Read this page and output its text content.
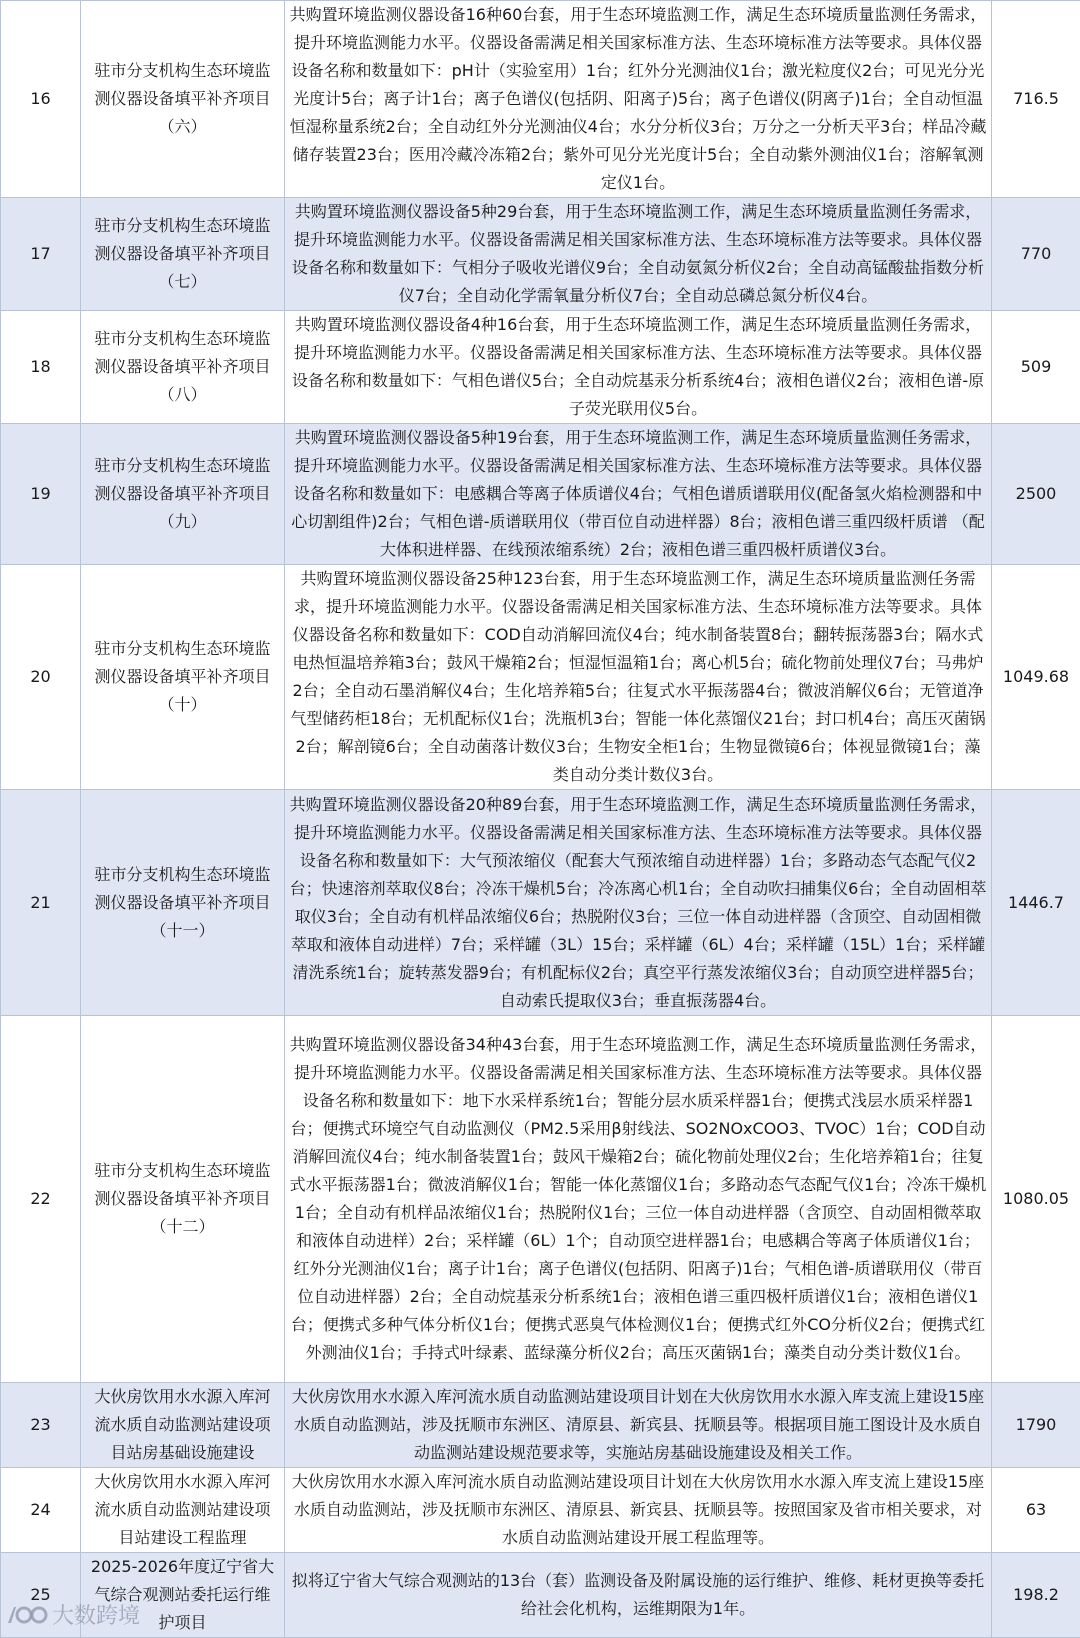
16	驻市分支机构生态环境监测仪器设备填平补齐项目（六）	共购置环境监测仪器设备16种60台套，用于生态环境监测工作，满足生态环境质量监测任务需求，提升环境监测能力水平。仪器设备需满足相关国家标准方法、生态环境标准方法等要求。具体仪器设备名称和数量如下：pH计（实验室用）1台；红外分光测油仪1台；激光粒度仪2台；可见光分光光度计5台；离子计1台；离子色谱仪(包括阴、阳离子)5台；离子色谱仪(阴离子)1台；全自动恒温恒湿称量系统2台；全自动红外分光测油仪4台；水分分析仪3台；万分之一分析天平3台；样品冷藏储存装置23台；医用冷藏冷冻箱2台；紫外可见分光光度计5台；全自动紫外测油仪1台；溶解氧测定仪1台。	716.5
17	驻市分支机构生态环境监测仪器设备填平补齐项目（七）	共购置环境监测仪器设备5种29台套，用于生态环境监测工作，满足生态环境质量监测任务需求，提升环境监测能力水平。仪器设备需满足相关国家标准方法、生态环境标准方法等要求。具体仪器设备名称和数量如下：气相分子吸收光谱仪9台；全自动氨氮分析仪2台；全自动高锰酸盐指数分析仪7台；全自动化学需氧量分析仪7台；全自动总磷总氮分析仪4台。	770
18	驻市分支机构生态环境监测仪器设备填平补齐项目（八）	共购置环境监测仪器设备4种16台套，用于生态环境监测工作，满足生态环境质量监测任务需求，提升环境监测能力水平。仪器设备需满足相关国家标准方法、生态环境标准方法等要求。具体仪器设备名称和数量如下：气相色谱仪5台；全自动烷基汞分析系统4台；液相色谱仪2台；液相色谱-原子荧光联用仪5台。	509
19	驻市分支机构生态环境监测仪器设备填平补齐项目（九）	共购置环境监测仪器设备5种19台套，用于生态环境监测工作，满足生态环境质量监测任务需求，提升环境监测能力水平。仪器设备需满足相关国家标准方法、生态环境标准方法等要求。具体仪器设备名称和数量如下：电感耦合等离子体质谱仪4台；气相色谱质谱联用仪(配备氢火焰检测器和中心切割组件)2台；气相色谱-质谱联用仪（带百位自动进样器）8台；液相色谱三重四级杆质谱 （配大体积进样器、在线预浓缩系统）2台；液相色谱三重四极杆质谱仪3台。	2500
20	驻市分支机构生态环境监测仪器设备填平补齐项目（十）	共购置环境监测仪器设备25种123台套，用于生态环境监测工作，满足生态环境质量监测任务需求，提升环境监测能力水平。仪器设备需满足相关国家标准方法、生态环境标准方法等要求。具体仪器设备名称和数量如下：COD自动消解回流仪4台；纯水制备装置8台；翻转振荡器3台；隔水式电热恒温培养箱3台；鼓风干燥箱2台；恒湿恒温箱1台；离心机5台；硫化物前处理仪7台；马弗炉2台；全自动石墨消解仪4台；生化培养箱5台；往复式水平振荡器4台；微波消解仪6台；无管道净气型储药柜18台；无机配标仪1台；洗瓶机3台；智能一体化蒸馏仪21台；封口机4台；高压灭菌锅2台；解剖镜6台；全自动菌落计数仪3台；生物安全柜1台；生物显微镜6台；体视显微镜1台；藻类自动分类计数仪3台。	1049.68
21	驻市分支机构生态环境监测仪器设备填平补齐项目（十一）	共购置环境监测仪器设备20种89台套，用于生态环境监测工作，满足生态环境质量监测任务需求，提升环境监测能力水平。仪器设备需满足相关国家标准方法、生态环境标准方法等要求。具体仪器设备名称和数量如下：大气预浓缩仪（配套大气预浓缩自动进样器）1台；多路动态气态配气仪2台；快速溶剂萃取仪8台；冷冻干燥机5台；冷冻离心机1台；全自动吹扫捕集仪6台；全自动固相萃取仪3台；全自动有机样品浓缩仪6台；热脱附仪3台；三位一体自动进样器（含顶空、自动固相微萃取和液体自动进样）7台；采样罐（3L）15台；采样罐（6L）4台；采样罐（15L）1台；采样罐清洗系统1台；旋转蒸发器9台；有机配标仪2台；真空平行蒸发浓缩仪3台；自动顶空进样器5台；自动索氏提取仪3台；垂直振荡器4台。	1446.7
22	驻市分支机构生态环境监测仪器设备填平补齐项目（十二）	共购置环境监测仪器设备34种43台套，用于生态环境监测工作，满足生态环境质量监测任务需求，提升环境监测能力水平。仪器设备需满足相关国家标准方法、生态环境标准方法等要求。具体仪器设备名称和数量如下：地下水采样系统1台；智能分层水质采样器1台；便携式浅层水质采样器1台；便携式环境空气自动监测仪（PM2.5采用β射线法、SO2NOxCOO3、TVOC）1台；COD自动消解回流仪4台；纯水制备装置1台；鼓风干燥箱2台；硫化物前处理仪2台；生化培养箱1台；往复式水平振荡器1台；微波消解仪1台；智能一体化蒸馏仪1台；多路动态气态配气仪1台；冷冻干燥机1台；全自动有机样品浓缩仪1台；热脱附仪1台；三位一体自动进样器（含顶空、自动固相微萃取和液体自动进样）2台；采样罐（6L）1个；自动顶空进样器1台；电感耦合等离子体质谱仪1台；红外分光测油仪1台；离子计1台；离子色谱仪(包括阴、阳离子)1台；气相色谱-质谱联用仪（带百位自动进样器）2台；全自动烷基汞分析系统1台；液相色谱三重四极杆质谱仪1台；液相色谱仪1台；便携式多种气体分析仪1台；便携式恶臭气体检测仪1台；便携式红外CO分析仪2台；便携式红外测油仪1台；手持式叶绿素、蓝绿藻分析仪2台；高压灭菌锅1台；藻类自动分类计数仪1台。	1080.05
23	大伙房饮用水水源入库河流水质自动监测站建设项目站房基础设施建设	大伙房饮用水水源入库河流水质自动监测站建设项目计划在大伙房饮用水水源入库支流上建设15座水质自动监测站，涉及抚顺市东洲区、清原县、新宾县、抚顺县等。根据项目施工图设计及水质自动监测站建设规范要求等，实施站房基础设施建设及相关工作。	1790
24	大伙房饮用水水源入库河流水质自动监测站建设项目站建设工程监理	大伙房饮用水水源入库河流水质自动监测站建设项目计划在大伙房饮用水水源入库支流上建设15座水质自动监测站，涉及抚顺市东洲区、清原县、新宾县、抚顺县等。按照国家及省市相关要求，对水质自动监测站建设开展工程监理等。	63
25	2025-2026年度辽宁省大气综合观测站委托运行维护项目	拟将辽宁省大气综合观测站的13台（套）监测设备及附属设施的运行维护、维修、耗材更换等委托给社会化机构，运维期限为1年。	198.2
大数跨境
